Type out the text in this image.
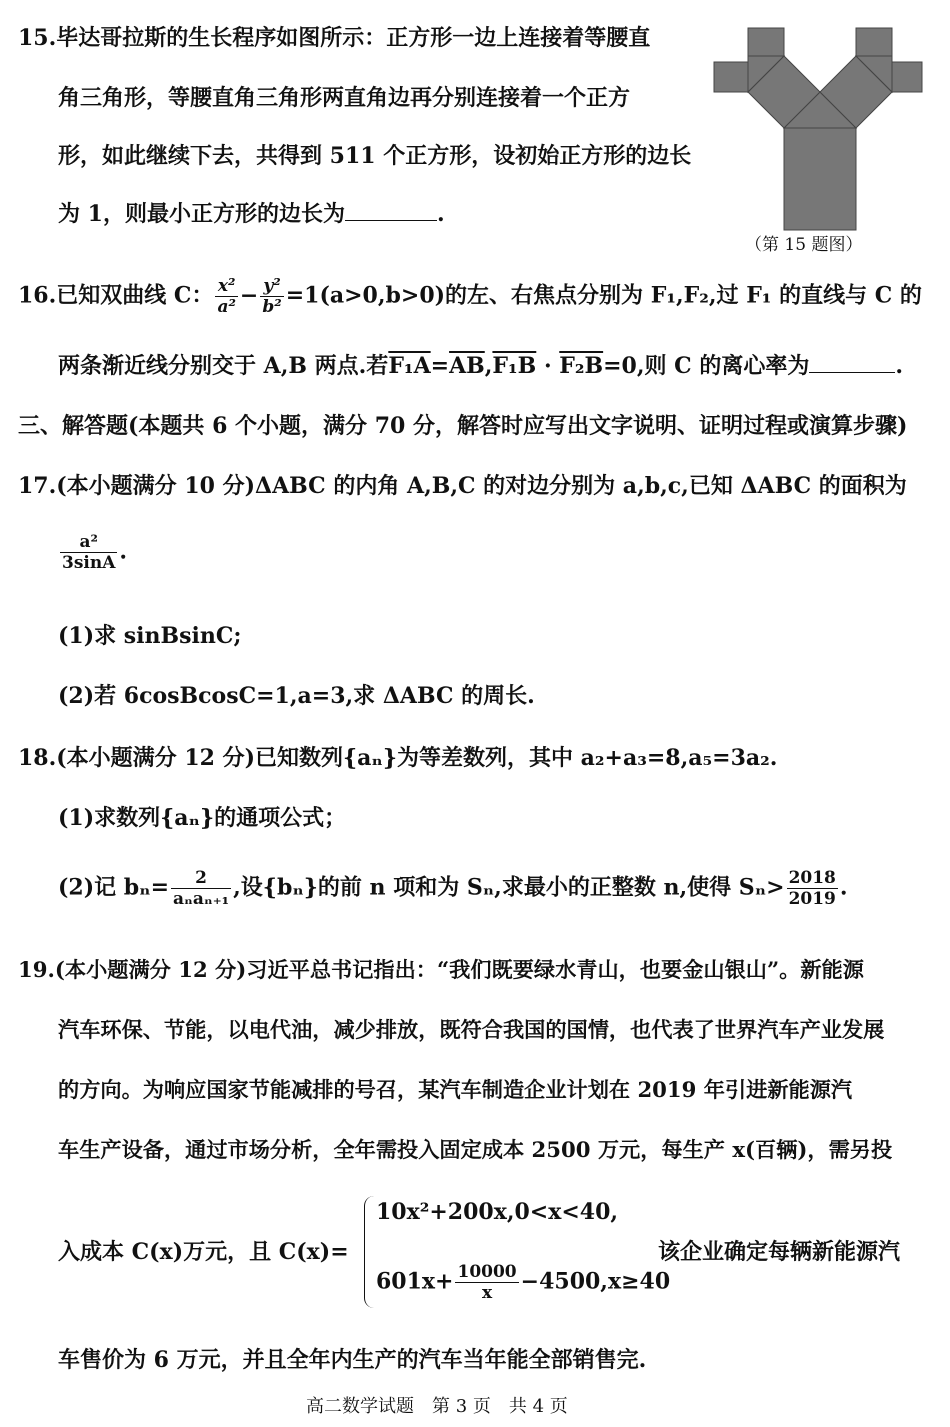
15.毕达哥拉斯的生长程序如图所示：正方形一边上连接着等腰直
角三角形，等腰直角三角形两直角边再分别连接着一个正方
形，如此继续下去，共得到 511 个正方形，设初始正方形的边长
为 1，则最小正方形的边长为	.
（第 15 题图）
16.已知双曲线 C： $\frac{\text{x²}}{\text{a²}} - \frac{\text{y²}}{\text{b²}} =1(a>0,b>0)$的左、右焦点分别为 F₁,F₂,过 F₁ 的直线与 C 的
两条渐近线分别交于 A,B 两点.若$F_1A=\overline{AB},F_1B \cdot F_2B=0$,则 C 的离心率为	.
三、解答题(本题共 6 个小题，满分 70 分，解答时应写出文字说明、证明过程或演算步骤)
17.(本小题满分 10 分)ΔABC 的内角 A,B,C 的对边分别为 a,b,c,已知 ΔABC 的面积为
$\frac{\text{a²}}{3\sin A}$ .
(1)求 sinBsinC;
(2)若 6cosBcosC=1,a=3,求 ΔABC 的周长.
18.(本小题满分 12 分)已知数列{aₙ}为等差数列，其中 a₂+a₃=8,a₅=3a₂.
(1)求数列{aₙ}的通项公式；
(2)记 $b_n= \frac{2}{\text{aₙaₙ₊₁}}$ ,设{bₙ}的前 n 项和为 Sₙ,求最小的正整数 n,使得 $S_n> \frac{2018}{2019}$ .
19.(本小题满分 12 分)习近平总书记指出：“我们既要绿水青山，也要金山银山”。新能源
汽车环保、节能，以电代油，减少排放，既符合我国的国情，也代表了世界汽车产业发展
的方向。为响应国家节能减排的号召，某汽车制造企业计划在 2019 年引进新能源汽
车生产设备，通过市场分析，全年需投入固定成本 2500 万元，每生产 x(百辆)，需另投
入成本 C(x)万元，且 C(x)=
10x²+200x,0<x<40,
$601x+ \frac{10000}{x} -4500,x\ge 40$
该企业确定每辆新能源汽
车售价为 6 万元，并且全年内生产的汽车当年能全部销售完.
高二数学试题　第 3 页　共 4 页
